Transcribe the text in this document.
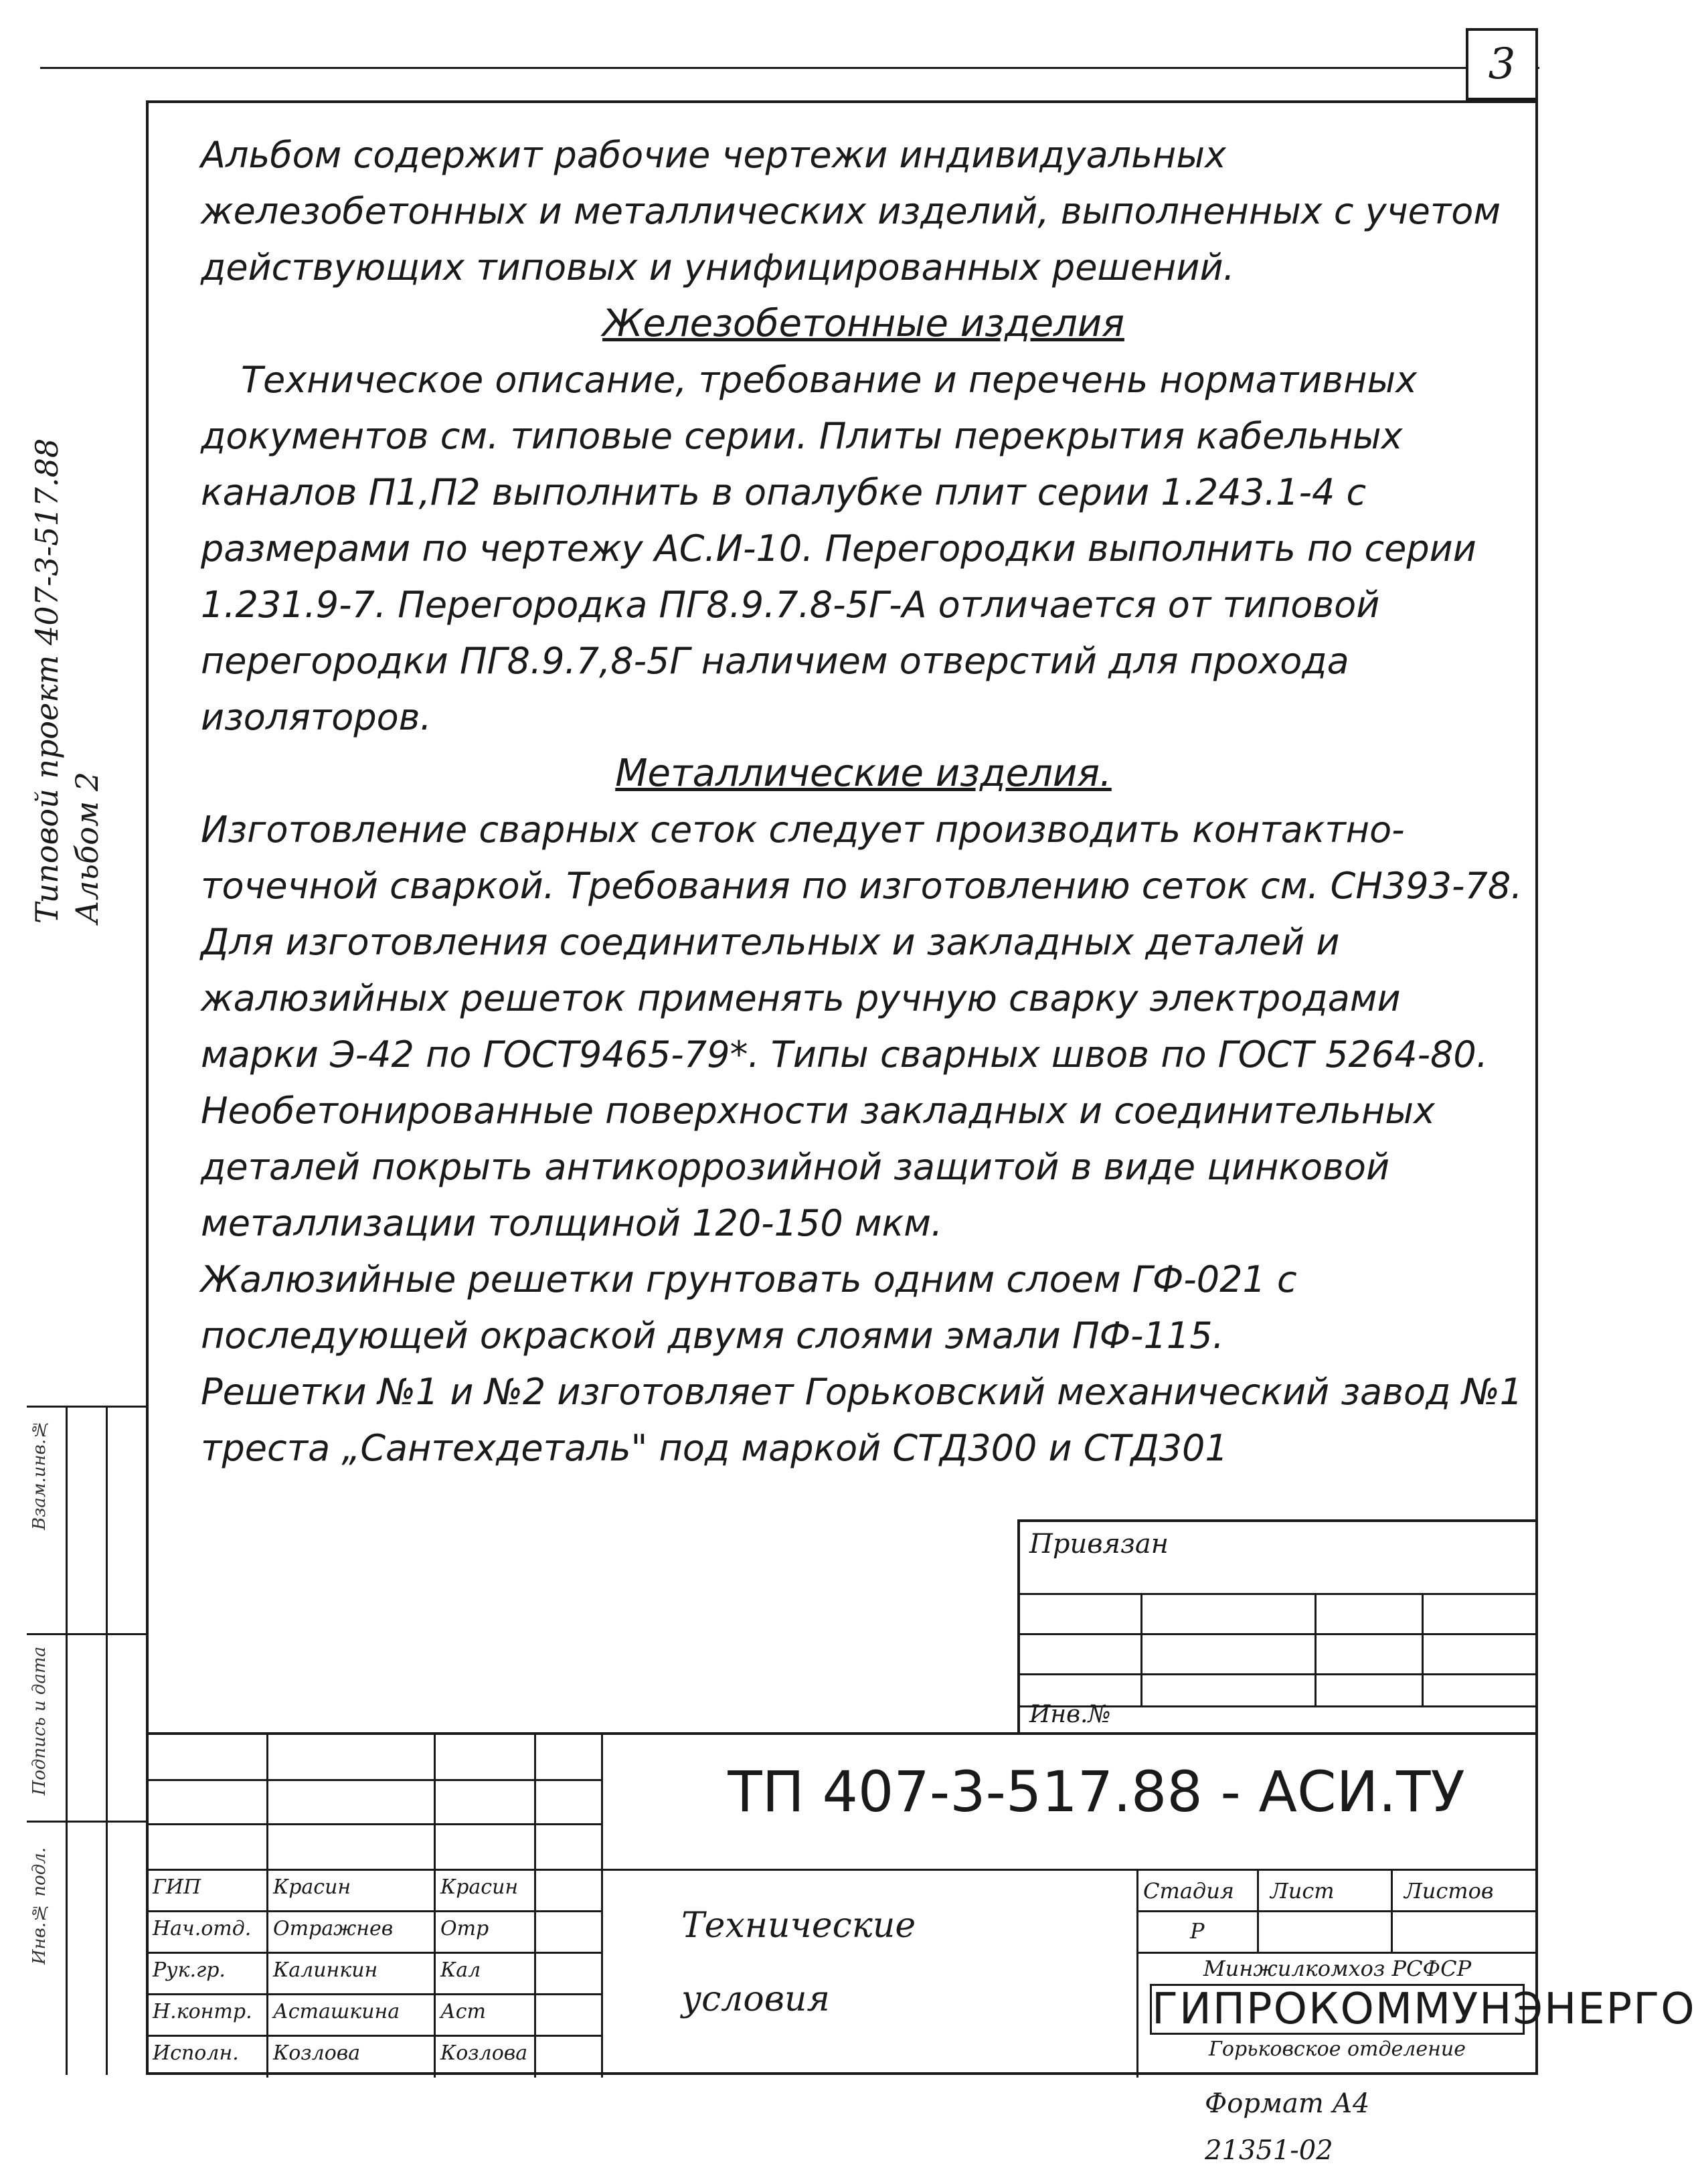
3
Типовой проект 407-3-517.88 Альбом 2
Взам.инв.№
Подпись и дата
Инв.№ подл.

Альбом содержит рабочие чертежи индивидуальных железобетонных и металлических изделий, выполненных с учетом действующих типовых и унифицированных решений.

Железобетонные изделия

Техническое описание, требование и перечень нормативных документов см. типовые серии. Плиты перекрытия кабельных каналов П1,П2 выполнить в опалубке плит серии 1.243.1-4 с размерами по чертежу АС.И-10. Перегородки выполнить по серии 1.231.9-7. Перегородка ПГ8.9.7.8-5Г-А отличается от типовой перегородки ПГ8.9.7,8-5Г наличием отверстий для прохода изоляторов.

Металлические изделия.

Изготовление сварных сеток следует производить контактно-точечной сваркой. Требования по изготовлению сеток см. СН393-78. Для изготовления соединительных и закладных деталей и жалюзийных решеток применять ручную сварку электродами марки Э-42 по ГОСТ9465-79*. Типы сварных швов по ГОСТ 5264-80. Необетонированные поверхности закладных и соединительных деталей покрыть антикоррозийной защитой в виде цинковой металлизации толщиной 120-150 мкм.

Жалюзийные решетки грунтовать одним слоем ГФ-021 с последующей окраской двумя слоями эмали ПФ-115.

Решетки №1 и №2 изготовляет Горьковский механический завод №1 треста „Сантехдеталь" под маркой СТД300 и СТД301

Привязан
Инв.№
ТП 407-3-517.88 - АСИ.ТУ
Технические
условия
ГИП	Красин	Красин
Нач.отд.	Отражнев	Отр
Рук.гр.	Калинкин	Кал
Н.контр.	Асташкина	Аст
Исполн.	Козлова	Козлова
Стадия Лист	Листов
Р
Минжилкомхоз РСФСР
ГИПРОКОММУНЭНЕРГО
Горьковское отделение
Формат А4
21351-02
